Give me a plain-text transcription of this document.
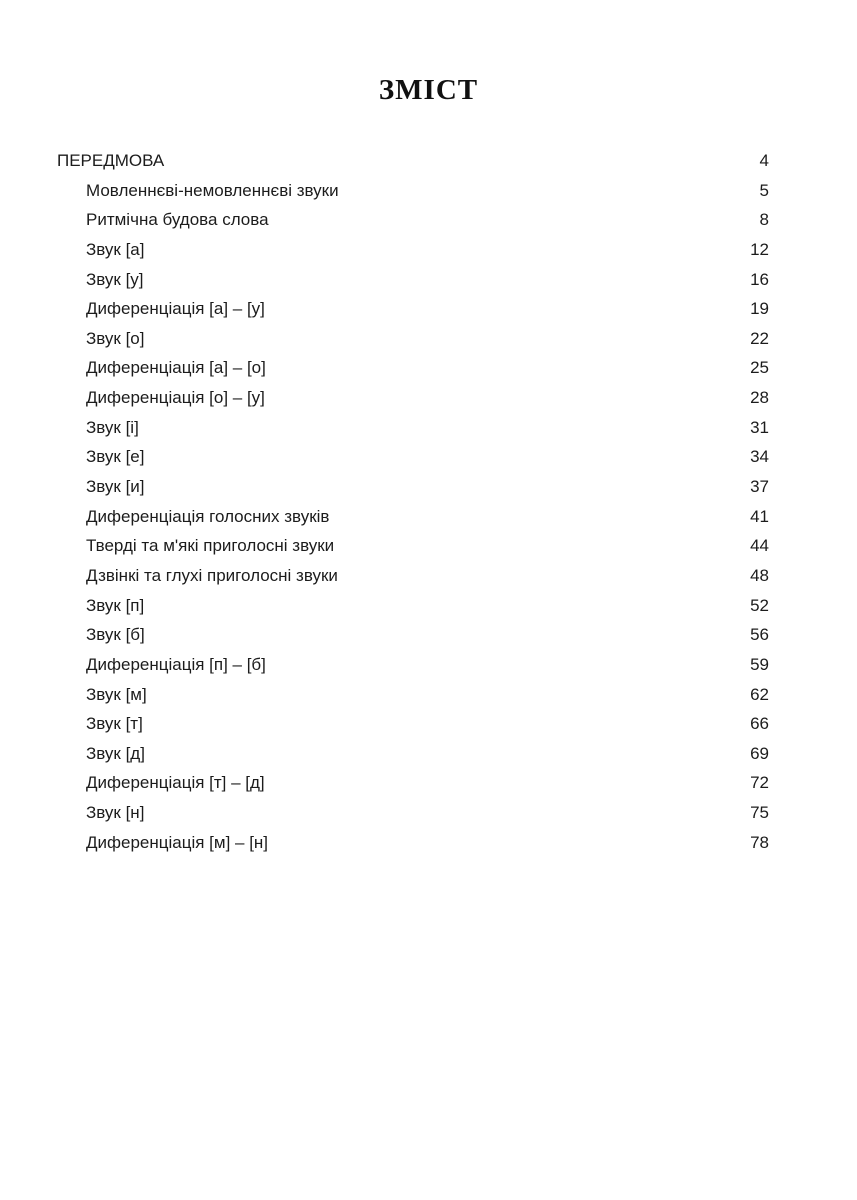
ЗМІСТ
ПЕРЕДМОВА	4
Мовленнєві-немовленнєві звуки	5
Ритмічна будова слова	8
Звук [а]	12
Звук [у]	16
Диференціація [а] – [у]	19
Звук [о]	22
Диференціація [а] – [о]	25
Диференціація [о] – [у]	28
Звук [і]	31
Звук [е]	34
Звук [и]	37
Диференціація голосних звуків	41
Тверді та м'які приголосні звуки	44
Дзвінкі та глухі приголосні звуки	48
Звук [п]	52
Звук [б]	56
Диференціація [п] – [б]	59
Звук [м]	62
Звук [т]	66
Звук [д]	69
Диференціація [т] – [д]	72
Звук [н]	75
Диференціація [м] – [н]	78
